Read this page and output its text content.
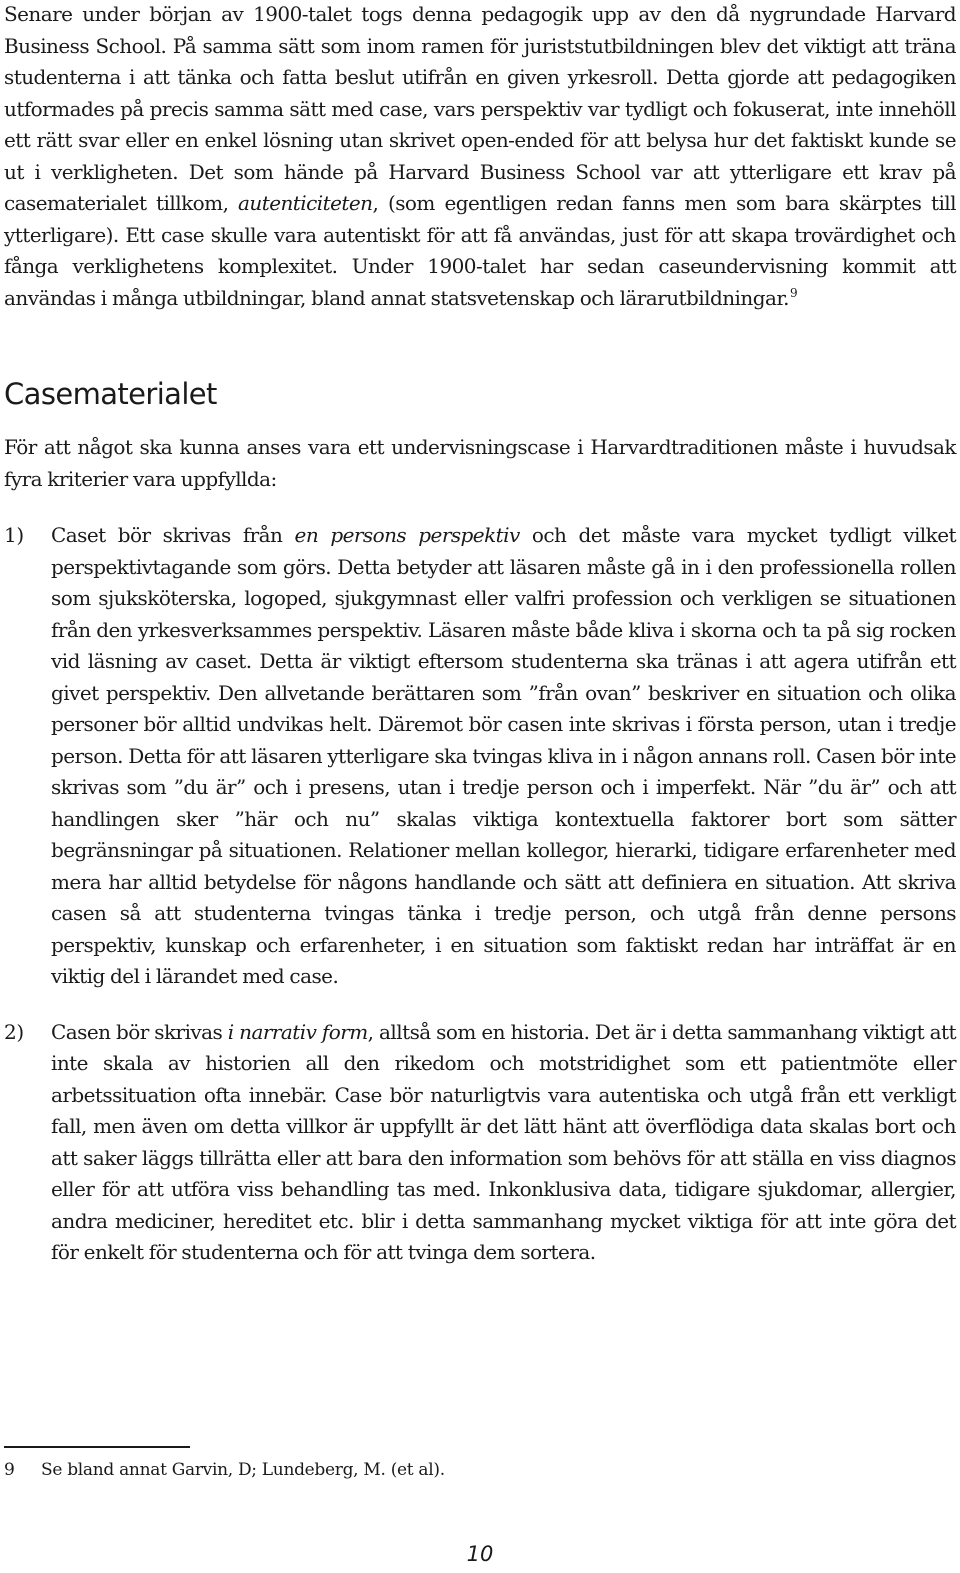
Senare under början av 1900-talet togs denna pedagogik upp av den då nygrundade Harvard Business School. På samma sätt som inom ramen för juriststutbildningen blev det viktigt att träna studenterna i att tänka och fatta beslut utifrån en given yrkesroll. Detta gjorde att pedagogiken utformades på precis samma sätt med case, vars perspektiv var tydligt och fokuserat, inte innehöll ett rätt svar eller en enkel lösning utan skrivet open-ended för att belysa hur det faktiskt kunde se ut i verkligheten. Det som hände på Harvard Business School var att ytterligare ett krav på casematerialet tillkom, autenticiteten, (som egentligen redan fanns men som bara skärptes till ytterligare). Ett case skulle vara autentiskt för att få användas, just för att skapa trovärdighet och fånga verklighetens komplexitet. Under 1900-talet har sedan caseundervisning kommit att användas i många utbildningar, bland annat statsvetenskap och lärarutbildningar.$^9$

Casematerialet

För att något ska kunna anses vara ett undervisningscase i Harvardtraditionen måste i huvudsak fyra kriterier vara uppfyllda:

1)	Caset bör skrivas från en persons perspektiv och det måste vara mycket tydligt vilket perspektivtagande som görs. Detta betyder att läsaren måste gå in i den professionella rollen som sjuksköterska, logoped, sjukgymnast eller valfri profession och verkligen se situationen från den yrkesverksammes perspektiv. Läsaren måste både kliva i skorna och ta på sig rocken vid läsning av caset. Detta är viktigt eftersom studenterna ska tränas i att agera utifrån ett givet perspektiv. Den allvetande berättaren som ”från ovan” beskriver en situation och olika personer bör alltid undvikas helt. Däremot bör casen inte skrivas i första person, utan i tredje person. Detta för att läsaren ytterligare ska tvingas kliva in i någon annans roll. Casen bör inte skrivas som ”du är” och i presens, utan i tredje person och i imperfekt. När ”du är” och att handlingen sker ”här och nu” skalas viktiga kontextuella faktorer bort som sätter begränsningar på situationen. Relationer mellan kollegor, hierarki, tidigare erfarenheter med mera har alltid betydelse för någons handlande och sätt att definiera en situation. Att skriva casen så att studenterna tvingas tänka i tredje person, och utgå från denne persons perspektiv, kunskap och erfarenheter, i en situation som faktiskt redan har inträffat är en viktig del i lärandet med case.

2)	Casen bör skrivas i narrativ form, alltså som en historia. Det är i detta sammanhang viktigt att inte skala av historien all den rikedom och motstridighet som ett patientmöte eller arbetssituation ofta innebär. Case bör naturligtvis vara autentiska och utgå från ett verkligt fall, men även om detta villkor är uppfyllt är det lätt hänt att överflödiga data skalas bort och att saker läggs tillrätta eller att bara den information som behövs för att ställa en viss diagnos eller för att utföra viss behandling tas med. Inkonklusiva data, tidigare sjukdomar, allergier, andra mediciner, hereditet etc. blir i detta sammanhang mycket viktiga för att inte göra det för enkelt för studenterna och för att tvinga dem sortera.

9	Se bland annat Garvin, D; Lundeberg, M. (et al).
10
